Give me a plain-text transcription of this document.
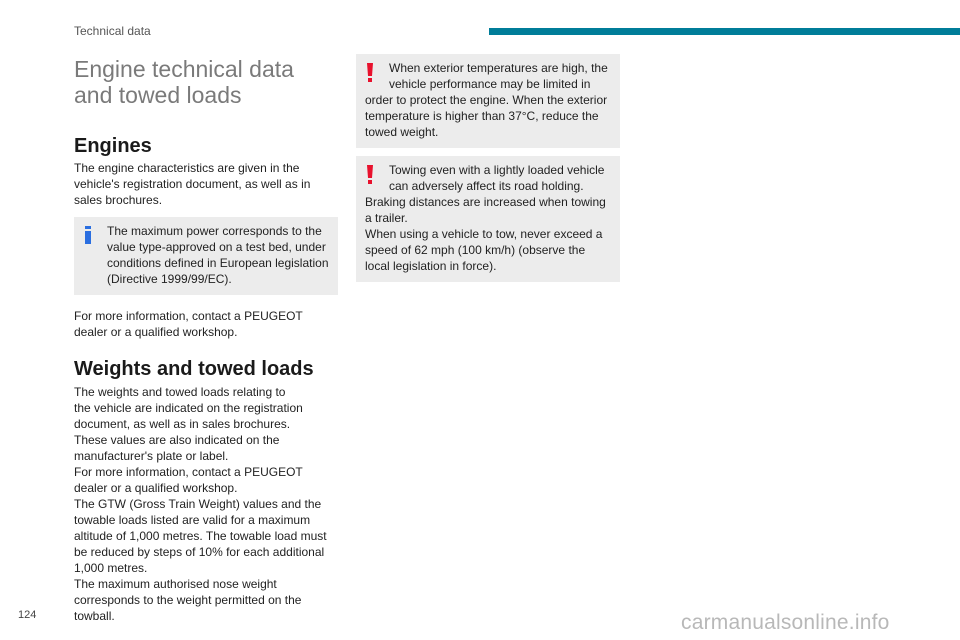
Technical data
Engine technical data and towed loads
Engines

The engine characteristics are given in the vehicle's registration document, as well as in sales brochures.

The maximum power corresponds to the value type-approved on a test bed, under conditions defined in European legislation (Directive 1999/99/EC).

For more information, contact a PEUGEOT dealer or a qualified workshop.

Weights and towed loads

The weights and towed loads relating to
the vehicle are indicated on the registration document, as well as in sales brochures.
These values are also indicated on the manufacturer's plate or label.
For more information, contact a PEUGEOT dealer or a qualified workshop.
The GTW (Gross Train Weight) values and the towable loads listed are valid for a maximum altitude of 1,000 metres. The towable load must be reduced by steps of 10% for each additional 1,000 metres.
The maximum authorised nose weight corresponds to the weight permitted on the towball.

When exterior temperatures are high, the vehicle performance may be limited in

order to protect the engine. When the exterior temperature is higher than 37°C, reduce the towed weight.

Towing even with a lightly loaded vehicle can adversely affect its road holding.

Braking distances are increased when towing a trailer.
When using a vehicle to tow, never exceed a speed of 62 mph (100 km/h) (observe the local legislation in force).

124	carmanualsonline.info
